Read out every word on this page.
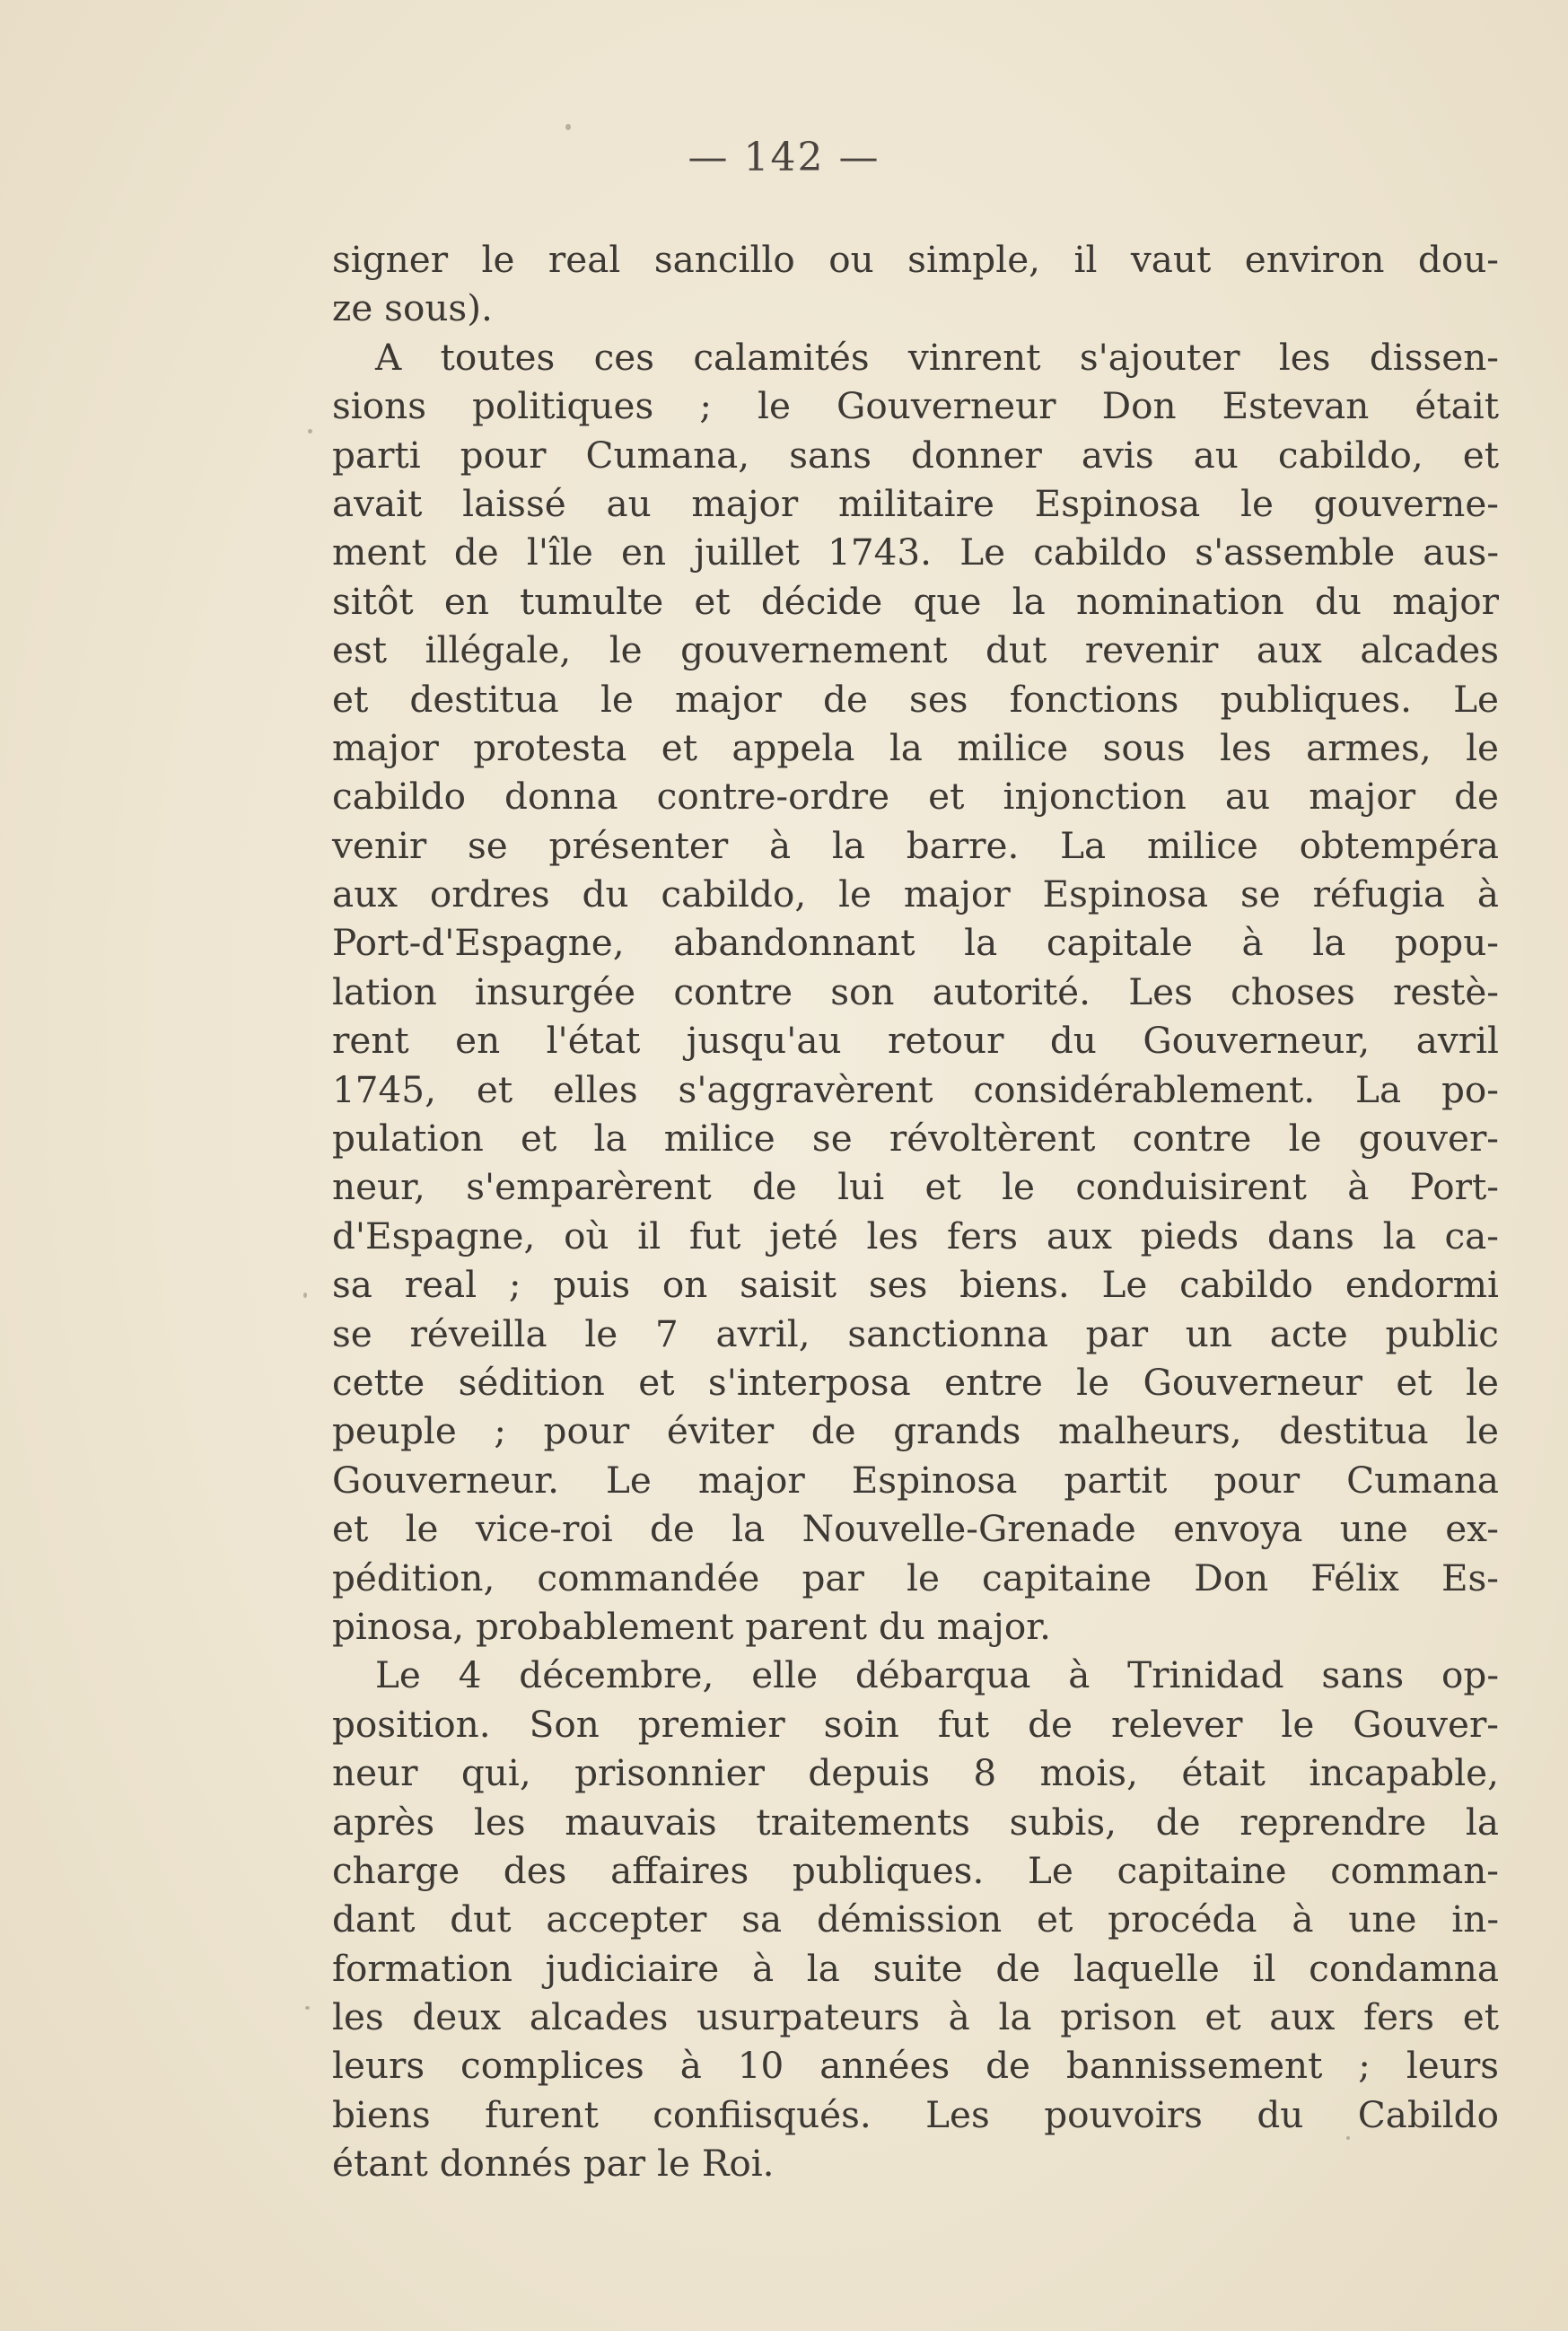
— 142 —
signer le real sancillo ou simple, il vaut environ dou-
ze sous).
A toutes ces calamités vinrent s'ajouter les dissen-
sions politiques ; le Gouverneur Don Estevan était
parti pour Cumana, sans donner avis au cabildo, et
avait laissé au major militaire Espinosa le gouverne-
ment de l'île en juillet 1743. Le cabildo s'assemble aus-
sitôt en tumulte et décide que la nomination du major
est illégale, le gouvernement dut revenir aux alcades
et destitua le major de ses fonctions publiques. Le
major protesta et appela la milice sous les armes, le
cabildo donna contre-ordre et injonction au major de
venir se présenter à la barre. La milice obtempéra
aux ordres du cabildo, le major Espinosa se réfugia à
Port-d'Espagne, abandonnant la capitale à la popu-
lation insurgée contre son autorité. Les choses restè-
rent en l'état jusqu'au retour du Gouverneur, avril
1745, et elles s'aggravèrent considérablement. La po-
pulation et la milice se révoltèrent contre le gouver-
neur, s'emparèrent de lui et le conduisirent à Port-
d'Espagne, où il fut jeté les fers aux pieds dans la ca-
sa real ; puis on saisit ses biens. Le cabildo endormi
se réveilla le 7 avril, sanctionna par un acte public
cette sédition et s'interposa entre le Gouverneur et le
peuple ; pour éviter de grands malheurs, destitua le
Gouverneur. Le major Espinosa partit pour Cumana
et le vice-roi de la Nouvelle-Grenade envoya une ex-
pédition, commandée par le capitaine Don Félix Es-
pinosa, probablement parent du major.
Le 4 décembre, elle débarqua à Trinidad sans op-
position. Son premier soin fut de relever le Gouver-
neur qui, prisonnier depuis 8 mois, était incapable,
après les mauvais traitements subis, de reprendre la
charge des affaires publiques. Le capitaine comman-
dant dut accepter sa démission et procéda à une in-
formation judiciaire à la suite de laquelle il condamna
les deux alcades usurpateurs à la prison et aux fers et
leurs complices à 10 années de bannissement ; leurs
biens furent confiisqués. Les pouvoirs du Cabildo
étant donnés par le Roi.
